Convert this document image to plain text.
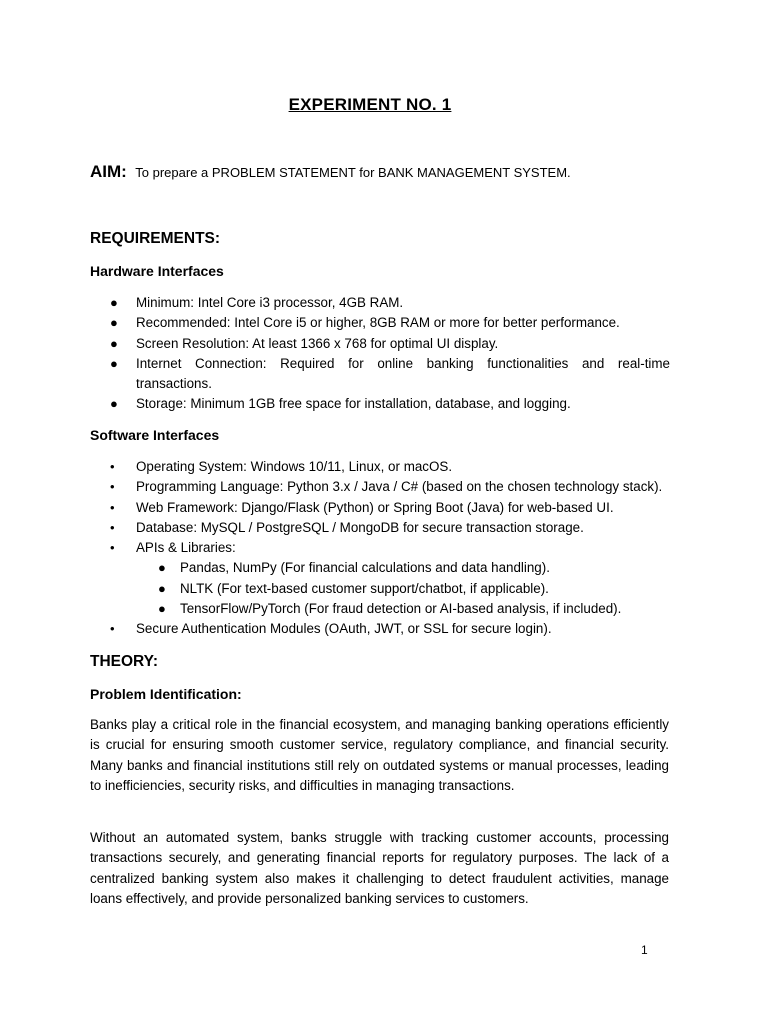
EXPERIMENT NO. 1
AIM: To prepare a PROBLEM STATEMENT for BANK MANAGEMENT SYSTEM.
REQUIREMENTS:
Hardware Interfaces
● Minimum: Intel Core i3 processor, 4GB RAM.
● Recommended: Intel Core i5 or higher, 8GB RAM or more for better performance.
● Screen Resolution: At least 1366 x 768 for optimal UI display.
● Internet Connection: Required for online banking functionalities and real-time transactions.
● Storage: Minimum 1GB free space for installation, database, and logging.
Software Interfaces
• Operating System: Windows 10/11, Linux, or macOS.
• Programming Language: Python 3.x / Java / C# (based on the chosen technology stack).
• Web Framework: Django/Flask (Python) or Spring Boot (Java) for web-based UI.
• Database: MySQL / PostgreSQL / MongoDB for secure transaction storage.
• APIs & Libraries:
● Pandas, NumPy (For financial calculations and data handling).
● NLTK (For text-based customer support/chatbot, if applicable).
● TensorFlow/PyTorch (For fraud detection or AI-based analysis, if included).
• Secure Authentication Modules (OAuth, JWT, or SSL for secure login).
THEORY:
Problem Identification:

Banks play a critical role in the financial ecosystem, and managing banking operations efficiently is crucial for ensuring smooth customer service, regulatory compliance, and financial security. Many banks and financial institutions still rely on outdated systems or manual processes, leading to inefficiencies, security risks, and difficulties in managing transactions.

Without an automated system, banks struggle with tracking customer accounts, processing transactions securely, and generating financial reports for regulatory purposes. The lack of a centralized banking system also makes it challenging to detect fraudulent activities, manage loans effectively, and provide personalized banking services to customers.

1
